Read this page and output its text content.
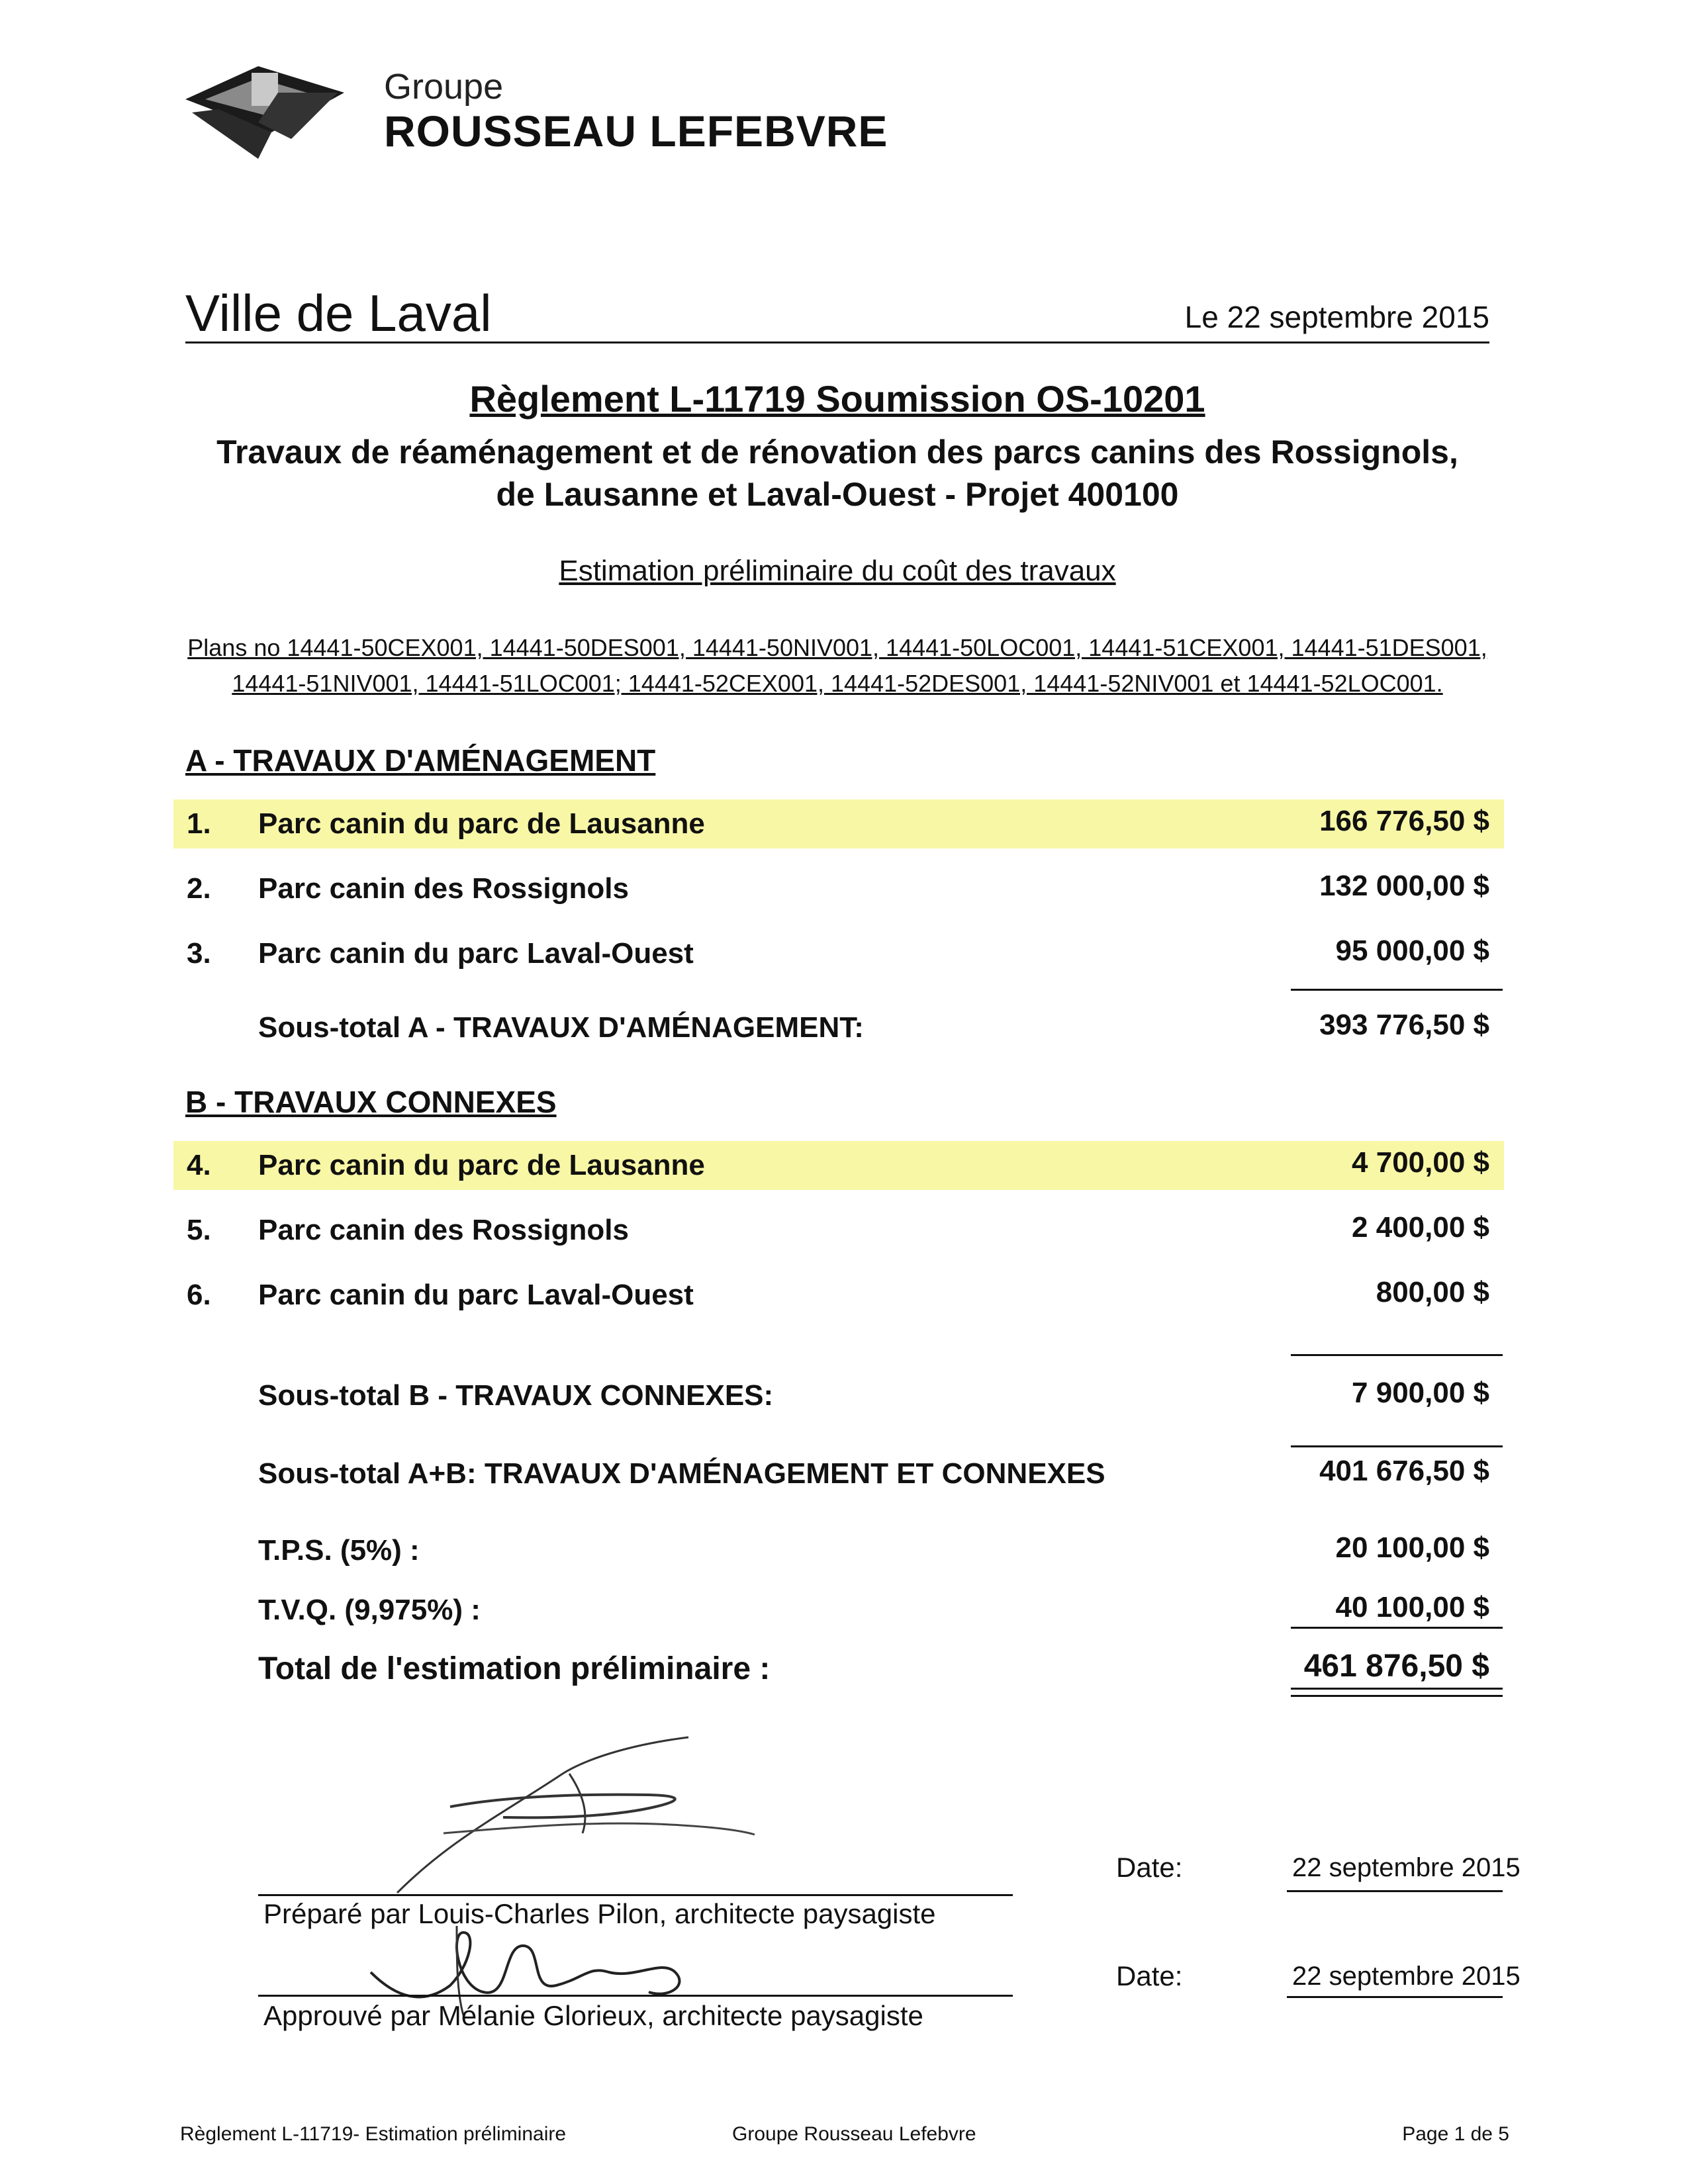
Groupe
ROUSSEAU LEFEBVRE
Ville de Laval	Le 22 septembre 2015
Règlement L-11719 Soumission OS-10201
Travaux de réaménagement et de rénovation des parcs canins des Rossignols,
de Lausanne et Laval-Ouest - Projet 400100
Estimation préliminaire du coût des travaux
Plans no 14441-50CEX001, 14441-50DES001, 14441-50NIV001, 14441-50LOC001, 14441-51CEX001, 14441-51DES001,
14441-51NIV001, 14441-51LOC001; 14441-52CEX001, 14441-52DES001, 14441-52NIV001 et 14441-52LOC001.
A - TRAVAUX D'AMÉNAGEMENT
1. Parc canin du parc de Lausanne	166 776,50 $
2. Parc canin des Rossignols	132 000,00 $
3. Parc canin du parc Laval-Ouest	95 000,00 $
Sous-total A - TRAVAUX D'AMÉNAGEMENT:	393 776,50 $
B - TRAVAUX CONNEXES
4. Parc canin du parc de Lausanne	4 700,00 $
5. Parc canin des Rossignols	2 400,00 $
6. Parc canin du parc Laval-Ouest	800,00 $
Sous-total B - TRAVAUX CONNEXES:	7 900,00 $
Sous-total A+B: TRAVAUX D'AMÉNAGEMENT ET CONNEXES	401 676,50 $
T.P.S. (5%) :	20 100,00 $
T.V.Q. (9,975%) :	40 100,00 $
Total de l'estimation préliminaire :	461 876,50 $
Préparé par Louis-Charles Pilon, architecte paysagiste
Approuvé par Mélanie Glorieux, architecte paysagiste
Date:	22 septembre 2015
Date:	22 septembre 2015
Règlement L-11719- Estimation préliminaire	Groupe Rousseau Lefebvre	Page 1 de 5
